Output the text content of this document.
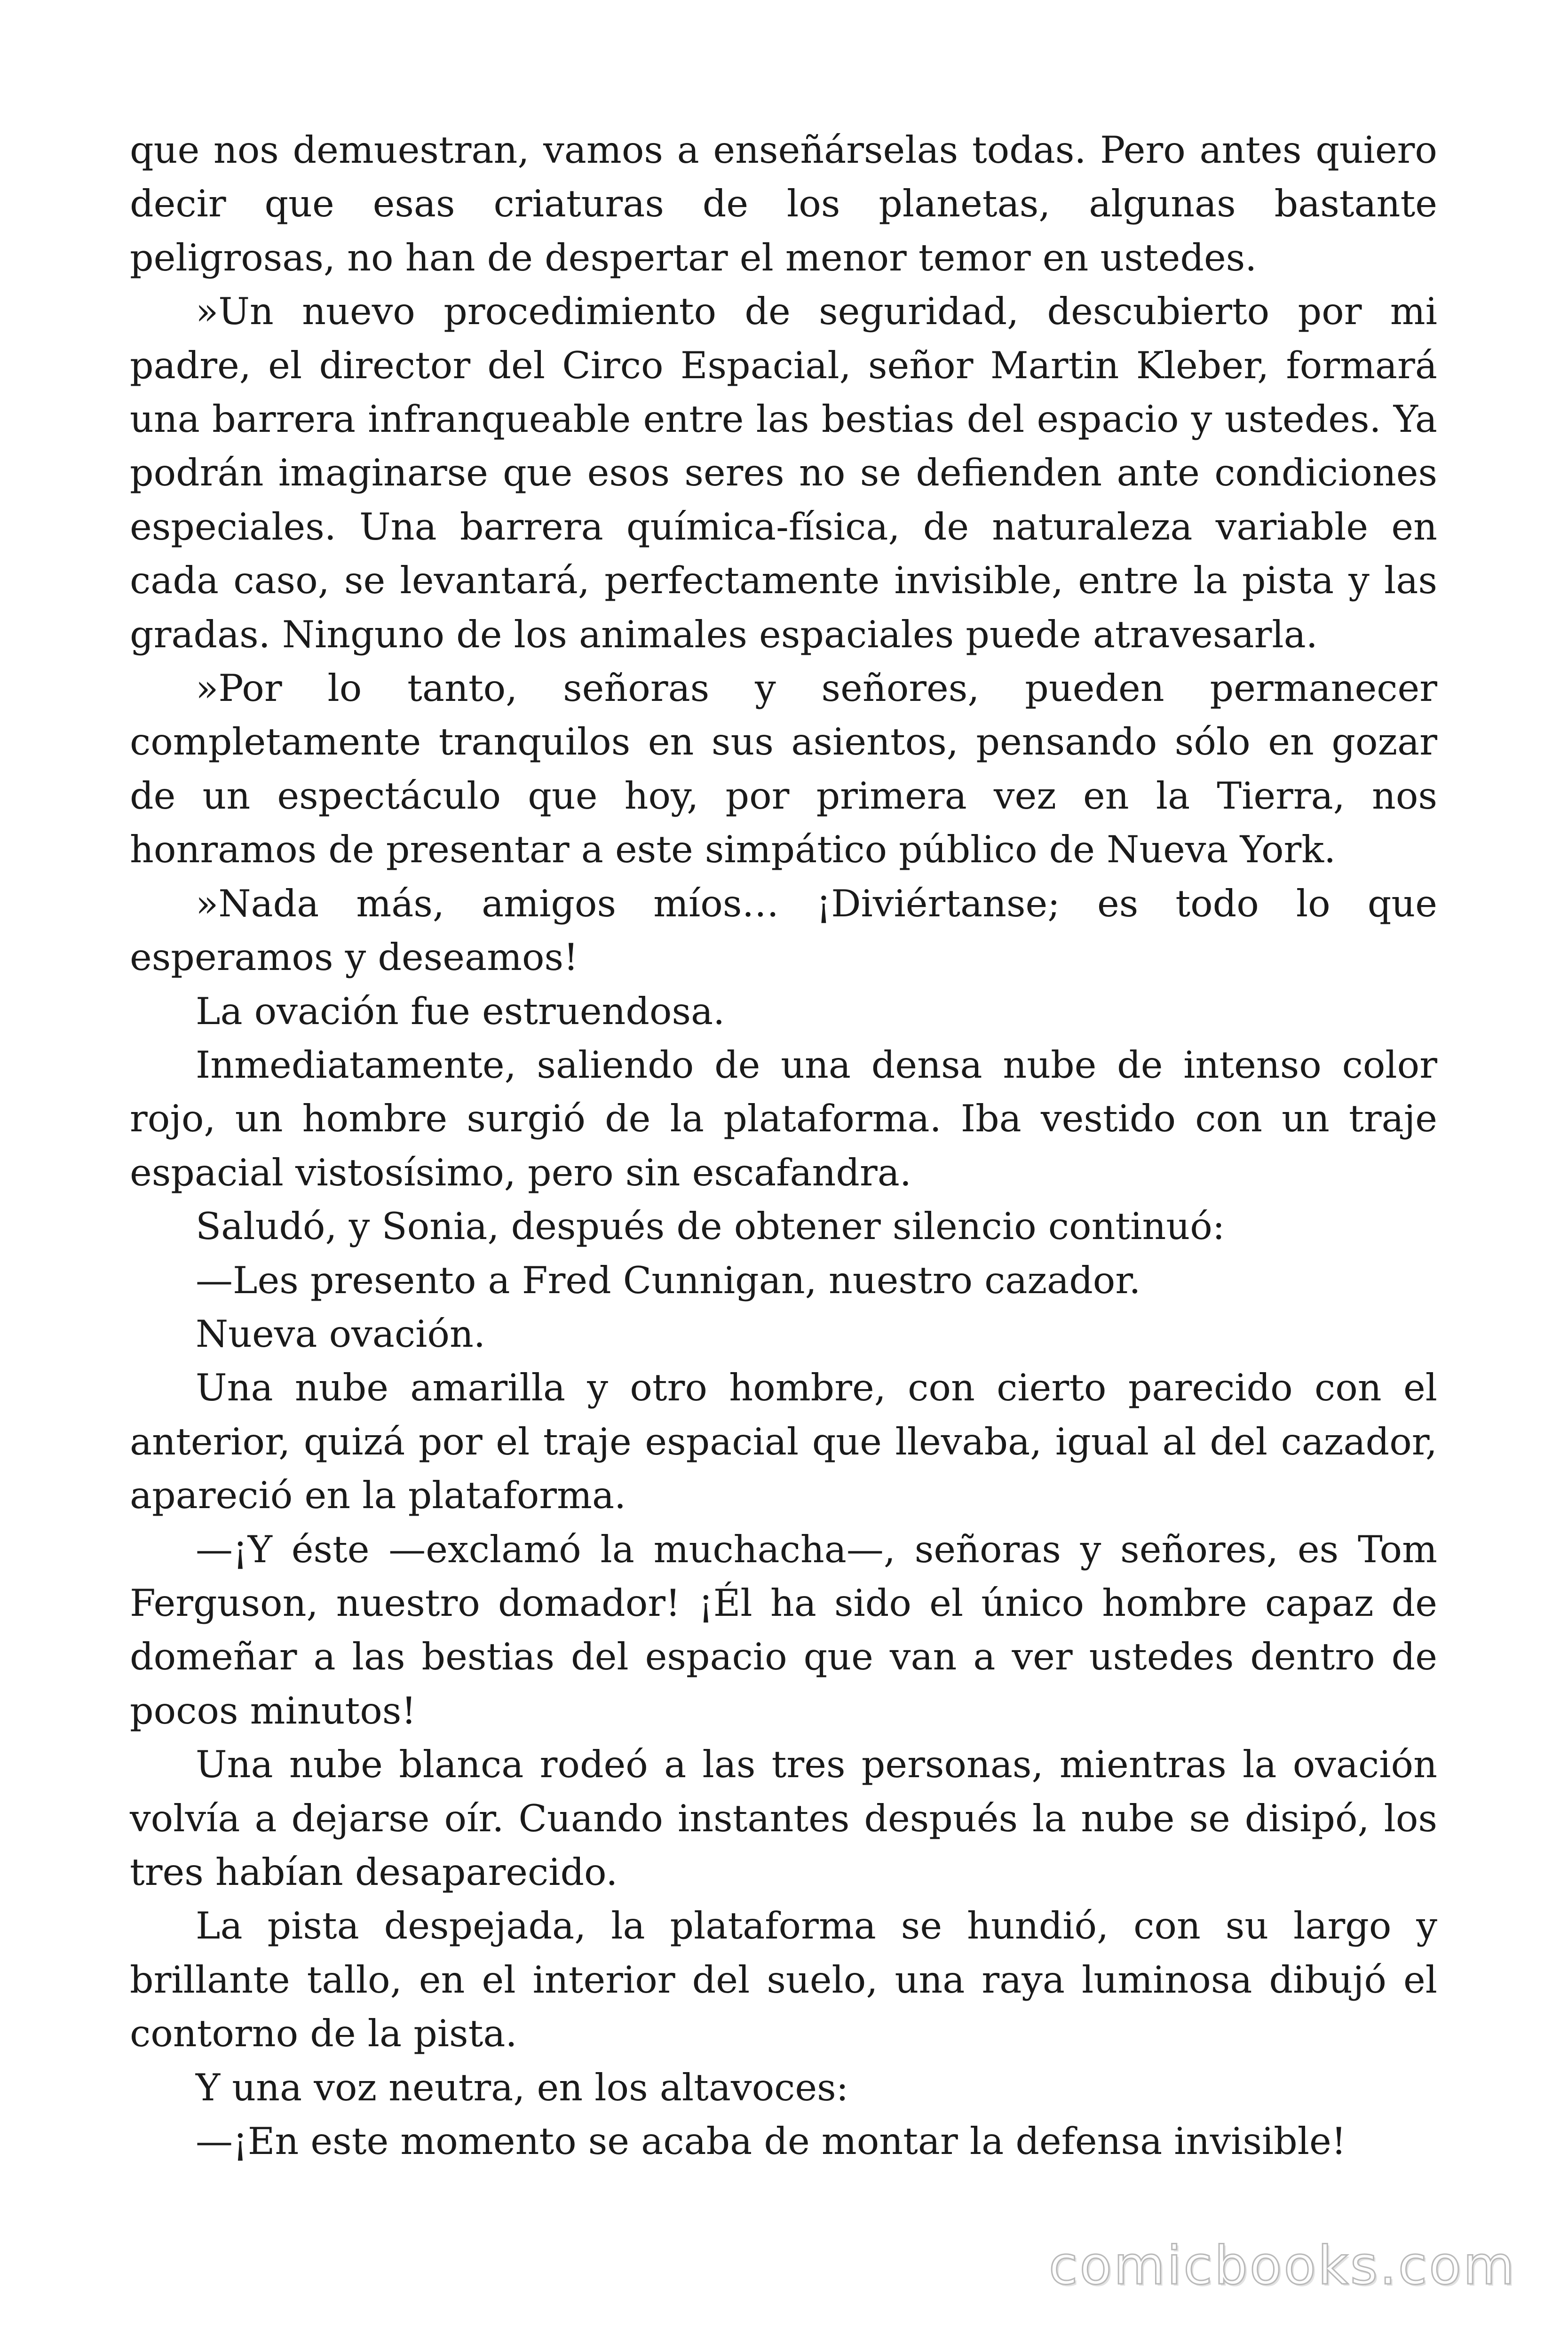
que nos demuestran, vamos a enseñárselas todas. Pero antes quiero decir que esas criaturas de los planetas, algunas bastante peligrosas, no han de despertar el menor temor en ustedes.

»Un nuevo procedimiento de seguridad, descubierto por mi padre, el director del Circo Espacial, señor Martin Kleber, formará una barrera infranqueable entre las bestias del espacio y ustedes. Ya podrán imaginarse que esos seres no se defienden ante condiciones especiales. Una barrera química-física, de naturaleza variable en cada caso, se levantará, perfectamente invisible, entre la pista y las gradas. Ninguno de los animales espaciales puede atravesarla.

»Por lo tanto, señoras y señores, pueden permanecer completamente tranquilos en sus asientos, pensando sólo en gozar de un espectáculo que hoy, por primera vez en la Tierra, nos honramos de presentar a este simpático público de Nueva York.

»Nada más, amigos míos… ¡Diviértanse; es todo lo que esperamos y deseamos!

La ovación fue estruendosa.

Inmediatamente, saliendo de una densa nube de intenso color rojo, un hombre surgió de la plataforma. Iba vestido con un traje espacial vistosísimo, pero sin escafandra.

Saludó, y Sonia, después de obtener silencio continuó:

—Les presento a Fred Cunnigan, nuestro cazador.

Nueva ovación.

Una nube amarilla y otro hombre, con cierto parecido con el anterior, quizá por el traje espacial que llevaba, igual al del cazador, apareció en la plataforma.

—¡Y éste —exclamó la muchacha—, señoras y señores, es Tom Ferguson, nuestro domador! ¡Él ha sido el único hombre capaz de domeñar a las bestias del espacio que van a ver ustedes dentro de pocos minutos!

Una nube blanca rodeó a las tres personas, mientras la ovación volvía a dejarse oír. Cuando instantes después la nube se disipó, los tres habían desaparecido.

La pista despejada, la plataforma se hundió, con su largo y brillante tallo, en el interior del suelo, una raya luminosa dibujó el contorno de la pista.

Y una voz neutra, en los altavoces:

—¡En este momento se acaba de montar la defensa invisible!

comicbooks.com
